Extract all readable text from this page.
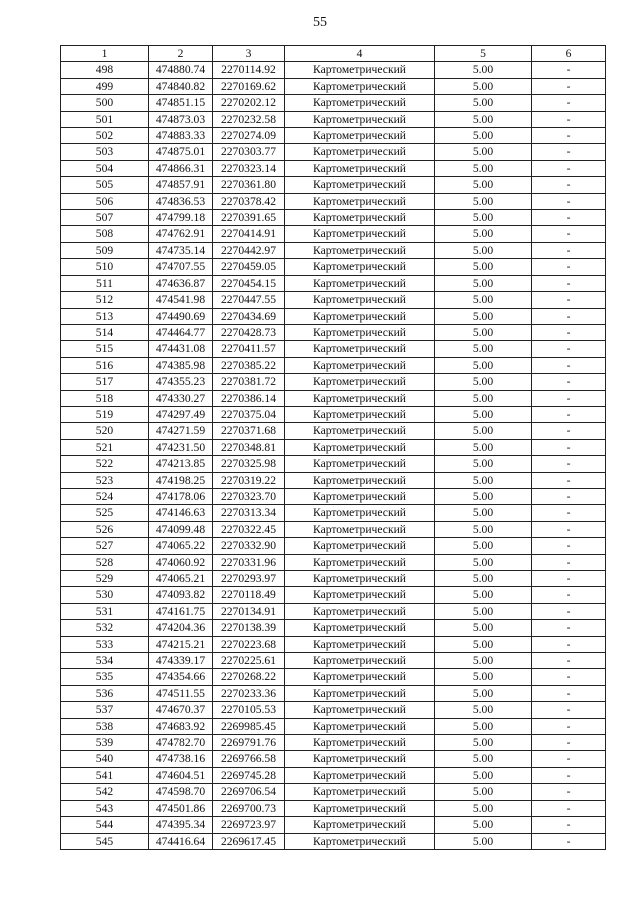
55
1	2	3	4	5	6
498	474880.74	2270114.92	Картометрический	5.00	-
499	474840.82	2270169.62	Картометрический	5.00	-
500	474851.15	2270202.12	Картометрический	5.00	-
501	474873.03	2270232.58	Картометрический	5.00	-
502	474883.33	2270274.09	Картометрический	5.00	-
503	474875.01	2270303.77	Картометрический	5.00	-
504	474866.31	2270323.14	Картометрический	5.00	-
505	474857.91	2270361.80	Картометрический	5.00	-
506	474836.53	2270378.42	Картометрический	5.00	-
507	474799.18	2270391.65	Картометрический	5.00	-
508	474762.91	2270414.91	Картометрический	5.00	-
509	474735.14	2270442.97	Картометрический	5.00	-
510	474707.55	2270459.05	Картометрический	5.00	-
511	474636.87	2270454.15	Картометрический	5.00	-
512	474541.98	2270447.55	Картометрический	5.00	-
513	474490.69	2270434.69	Картометрический	5.00	-
514	474464.77	2270428.73	Картометрический	5.00	-
515	474431.08	2270411.57	Картометрический	5.00	-
516	474385.98	2270385.22	Картометрический	5.00	-
517	474355.23	2270381.72	Картометрический	5.00	-
518	474330.27	2270386.14	Картометрический	5.00	-
519	474297.49	2270375.04	Картометрический	5.00	-
520	474271.59	2270371.68	Картометрический	5.00	-
521	474231.50	2270348.81	Картометрический	5.00	-
522	474213.85	2270325.98	Картометрический	5.00	-
523	474198.25	2270319.22	Картометрический	5.00	-
524	474178.06	2270323.70	Картометрический	5.00	-
525	474146.63	2270313.34	Картометрический	5.00	-
526	474099.48	2270322.45	Картометрический	5.00	-
527	474065.22	2270332.90	Картометрический	5.00	-
528	474060.92	2270331.96	Картометрический	5.00	-
529	474065.21	2270293.97	Картометрический	5.00	-
530	474093.82	2270118.49	Картометрический	5.00	-
531	474161.75	2270134.91	Картометрический	5.00	-
532	474204.36	2270138.39	Картометрический	5.00	-
533	474215.21	2270223.68	Картометрический	5.00	-
534	474339.17	2270225.61	Картометрический	5.00	-
535	474354.66	2270268.22	Картометрический	5.00	-
536	474511.55	2270233.36	Картометрический	5.00	-
537	474670.37	2270105.53	Картометрический	5.00	-
538	474683.92	2269985.45	Картометрический	5.00	-
539	474782.70	2269791.76	Картометрический	5.00	-
540	474738.16	2269766.58	Картометрический	5.00	-
541	474604.51	2269745.28	Картометрический	5.00	-
542	474598.70	2269706.54	Картометрический	5.00	-
543	474501.86	2269700.73	Картометрический	5.00	-
544	474395.34	2269723.97	Картометрический	5.00	-
545	474416.64	2269617.45	Картометрический	5.00	-
